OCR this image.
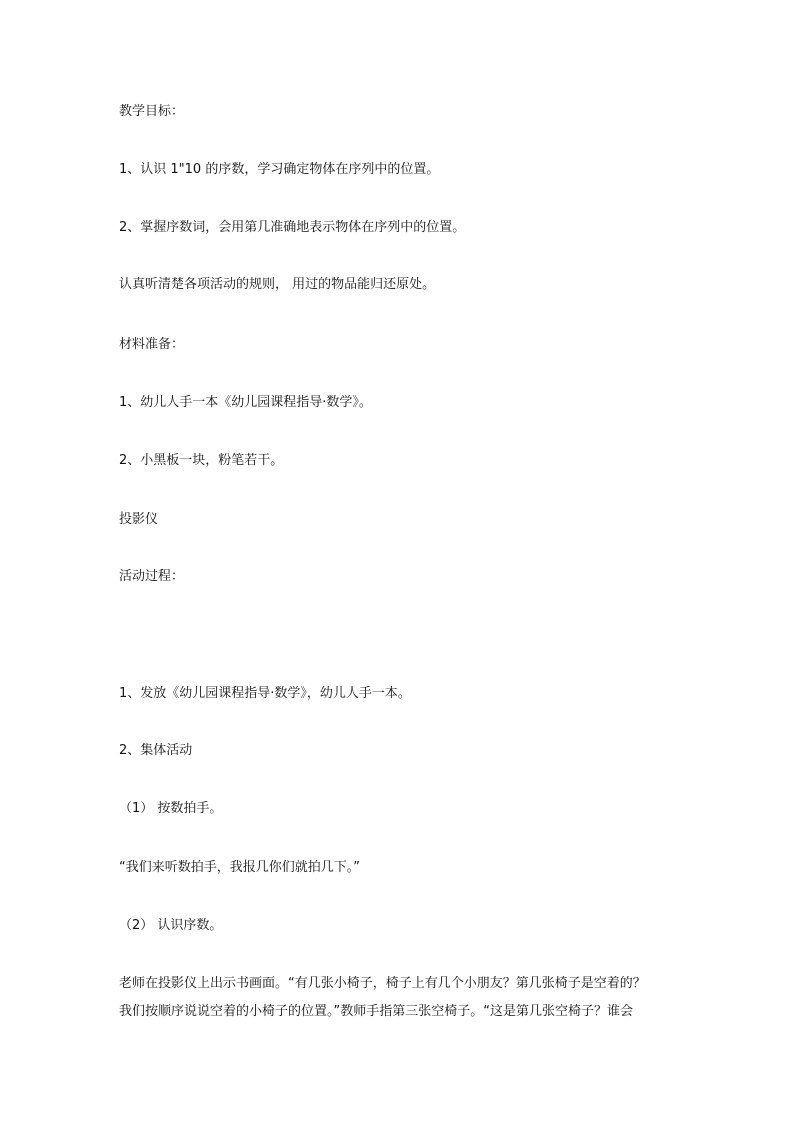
教学目标：
1、认识 1"10 的序数，学习确定物体在序列中的位置。
2、掌握序数词，会用第几准确地表示物体在序列中的位置。
认真听清楚各项活动的规则， 用过的物品能归还原处。
材料准备：
1、幼儿人手一本《幼儿园课程指导·数学》。
2、小黑板一块，粉笔若干。
投影仪
活动过程：
1、发放《幼儿园课程指导·数学》，幼儿人手一本。
2、集体活动
（1） 按数拍手。
“我们来听数拍手，我报几你们就拍几下。”
（2） 认识序数。
老师在投影仪上出示书画面。“有几张小椅子，椅子上有几个小朋友？第几张椅子是空着的？
我们按顺序说说空着的小椅子的位置。”教师手指第三张空椅子。“这是第几张空椅子？谁会
